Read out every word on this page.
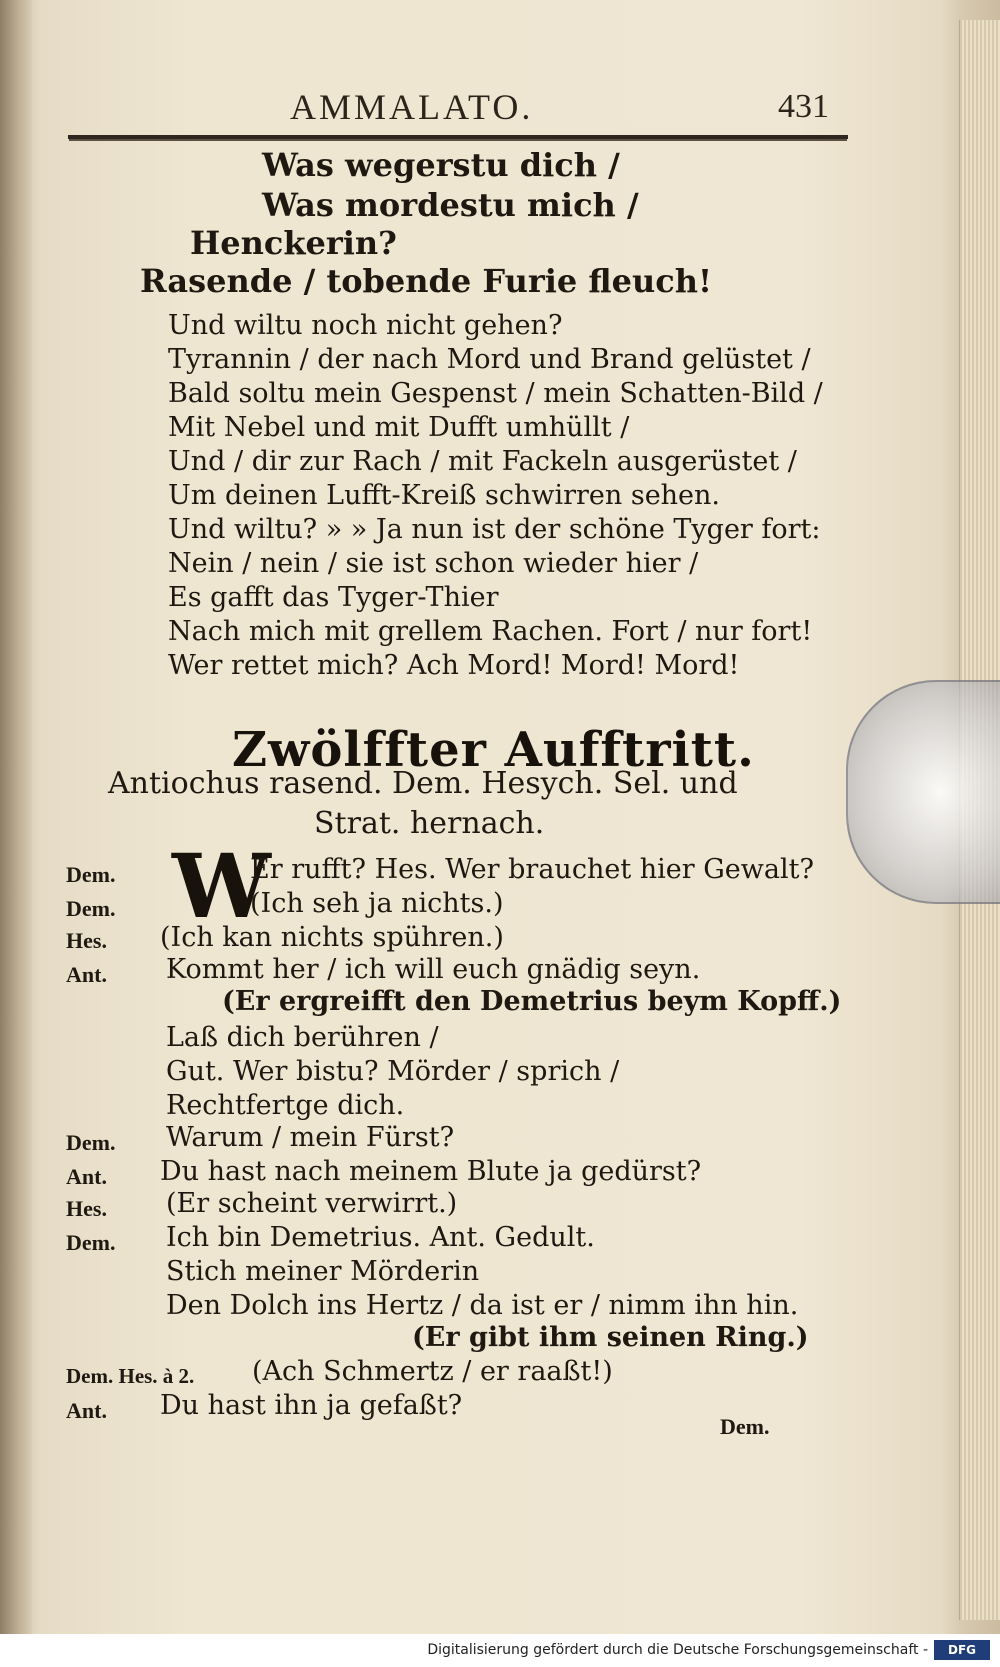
AMMALATO.	431
Was wegerstu dich /
Was mordestu mich /
Henckerin?
Rasende / tobende Furie fleuch!
Und wiltu noch nicht gehen?
Tyrannin / der nach Mord und Brand gelüstet /
Bald soltu mein Gespenst / mein Schatten-Bild /
Mit Nebel und mit Dufft umhüllt /
Und / dir zur Rach / mit Fackeln ausgerüstet /
Um deinen Lufft-Kreiß schwirren sehen.
Und wiltu? » » Ja nun ist der schöne Tyger fort:
Nein / nein / sie ist schon wieder hier /
Es gafft das Tyger-Thier
Nach mich mit grellem Rachen. Fort / nur fort!
Wer rettet mich? Ach Mord! Mord! Mord!
Zwölffter Aufftritt.
Antiochus rasend. Dem. Hesych. Sel. und
Strat. hernach.
W
Dem.	Er rufft? Hes. Wer brauchet hier Gewalt?
Dem.	(Ich seh ja nichts.)
Hes. (Ich kan nichts spühren.)
Ant. Kommt her / ich will euch gnädig seyn.
(Er ergreifft den Demetrius beym Kopff.)
Laß dich berühren /
Gut. Wer bistu? Mörder / sprich /
Rechtfertge dich.
Dem. Warum / mein Fürst?
Ant. Du hast nach meinem Blute ja gedürst?
Hes. (Er scheint verwirrt.)
Dem. Ich bin Demetrius. Ant. Gedult.
Stich meiner Mörderin
Den Dolch ins Hertz / da ist er / nimm ihn hin.
(Er gibt ihm seinen Ring.)
Dem. Hes. à 2. (Ach Schmertz / er raaßt!)
Ant. Du hast ihn ja gefaßt?
Dem.
Digitalisierung gefördert durch die Deutsche Forschungsgemeinschaft -	DFG
